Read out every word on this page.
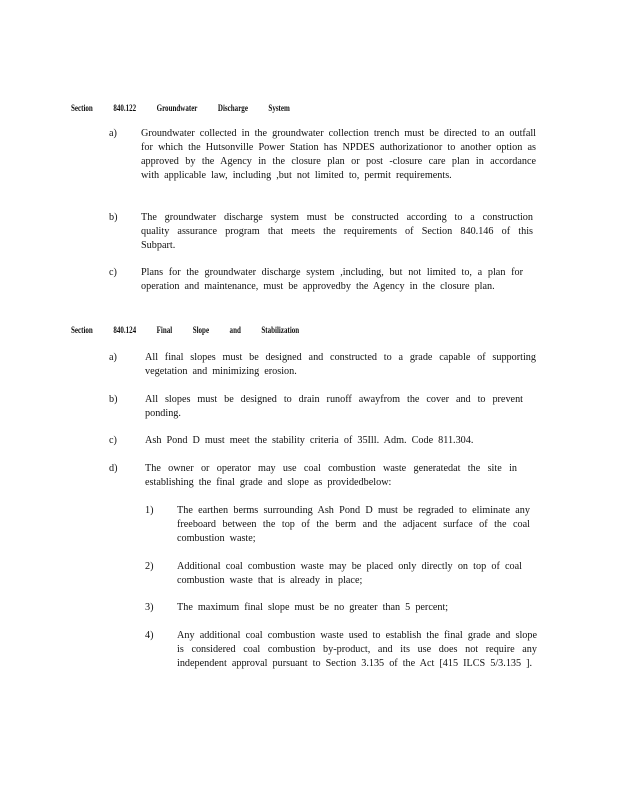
Section 840.122 Groundwater Discharge System
a) Groundwater collected in the groundwater collection trench must be directed to an outfall for which the Hutsonville Power Station has NPDES authorizationor to another option as approved by the Agency in the closure plan or post -closure care plan in accordance with applicable law, including ,but not limited to, permit requirements.
b) The groundwater discharge system must be constructed according to a construction quality assurance program that meets the requirements of Section 840.146 of this Subpart.
c) Plans for the groundwater discharge system ,including, but not limited to, a plan for operation and maintenance, must be approvedby the Agency in the closure plan.
Section 840.124 Final Slope and Stabilization
a)	All final slopes must be designed and constructed to a grade capable of supporting vegetation and minimizing erosion.
b)	All slopes must be designed to drain runoff awayfrom the cover and to prevent ponding.
c)	Ash Pond D must meet the stability criteria of 35Ill. Adm. Code 811.304.
d)	The owner or operator may use coal combustion waste generatedat the site in establishing the final grade and slope as providedbelow:
1) The earthen berms surrounding Ash Pond D must be regraded to eliminate any freeboard between the top of the berm and the adjacent surface of the coal combustion waste;
2) Additional coal combustion waste may be placed only directly on top of coal combustion waste that is already in place;
3) The maximum final slope must be no greater than 5 percent;
4) Any additional coal combustion waste used to establish the final grade and slope is considered coal combustion by-product, and its use does not require any independent approval pursuant to Section 3.135 of the Act [415 ILCS 5/3.135 ].
